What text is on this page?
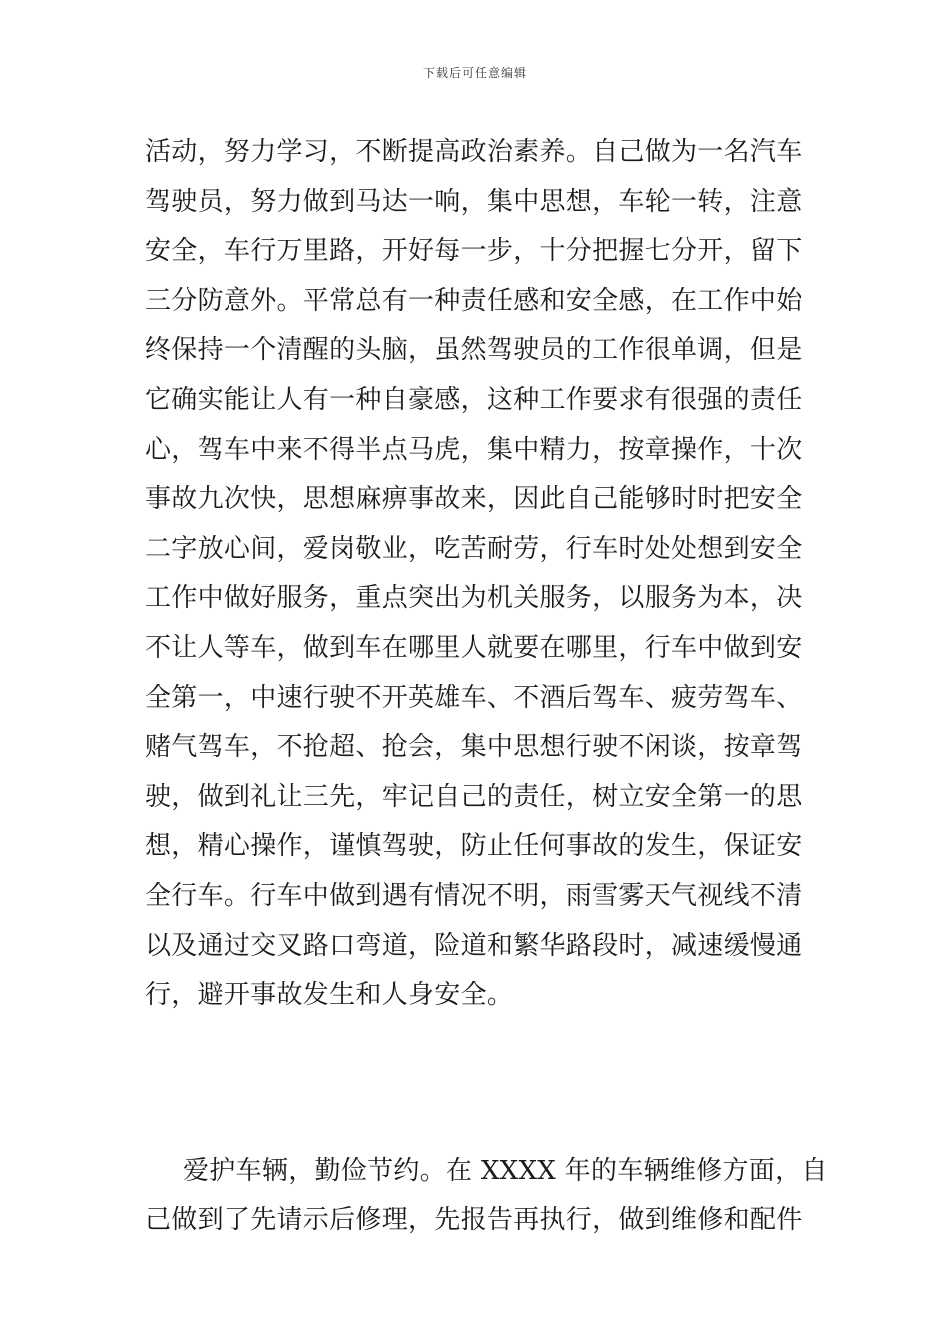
下载后可任意编辑
活动，努力学习，不断提高政治素养。自己做为一名汽车
驾驶员，努力做到马达一响，集中思想，车轮一转，注意
安全，车行万里路，开好每一步，十分把握七分开，留下
三分防意外。平常总有一种责任感和安全感，在工作中始
终保持一个清醒的头脑，虽然驾驶员的工作很单调，但是
它确实能让人有一种自豪感，这种工作要求有很强的责任
心，驾车中来不得半点马虎，集中精力，按章操作，十次
事故九次快，思想麻痹事故来，因此自己能够时时把安全
二字放心间，爱岗敬业，吃苦耐劳，行车时处处想到安全
工作中做好服务，重点突出为机关服务，以服务为本，决
不让人等车，做到车在哪里人就要在哪里，行车中做到安
全第一，中速行驶不开英雄车、不酒后驾车、疲劳驾车、
赌气驾车，不抢超、抢会，集中思想行驶不闲谈，按章驾
驶，做到礼让三先，牢记自己的责任，树立安全第一的思
想，精心操作，谨慎驾驶，防止任何事故的发生，保证安
全行车。行车中做到遇有情况不明，雨雪雾天气视线不清
以及通过交叉路口弯道，险道和繁华路段时，减速缓慢通
行，避开事故发生和人身安全。
爱护车辆，勤俭节约。在 XXXX 年的车辆维修方面，自
己做到了先请示后修理，先报告再执行，做到维修和配件
